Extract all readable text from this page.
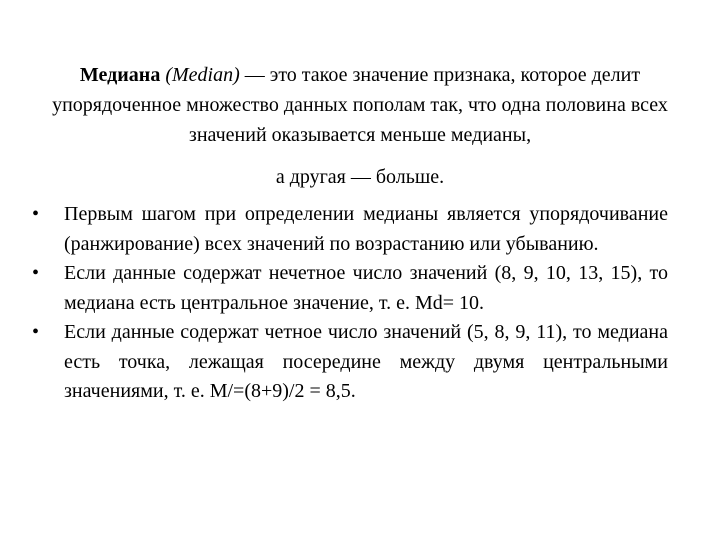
Медиана (Median) — это такое значение признака, которое делит упорядоченное множество данных пополам так, что одна половина всех значений оказывается меньше медианы,
а другая — больше.
•	Первым шагом при определении медианы является упорядочивание (ранжирование) всех значений по возрастанию или убыванию.
•	Если данные содержат нечетное число значений (8, 9, 10, 13, 15), то медиана есть центральное значение, т. е. Md= 10.
•	Если данные содержат четное число значений (5, 8, 9, 11), то медиана есть точка, лежащая посередине между двумя центральными значениями, т. е. М/=(8+9)/2 = 8,5.
